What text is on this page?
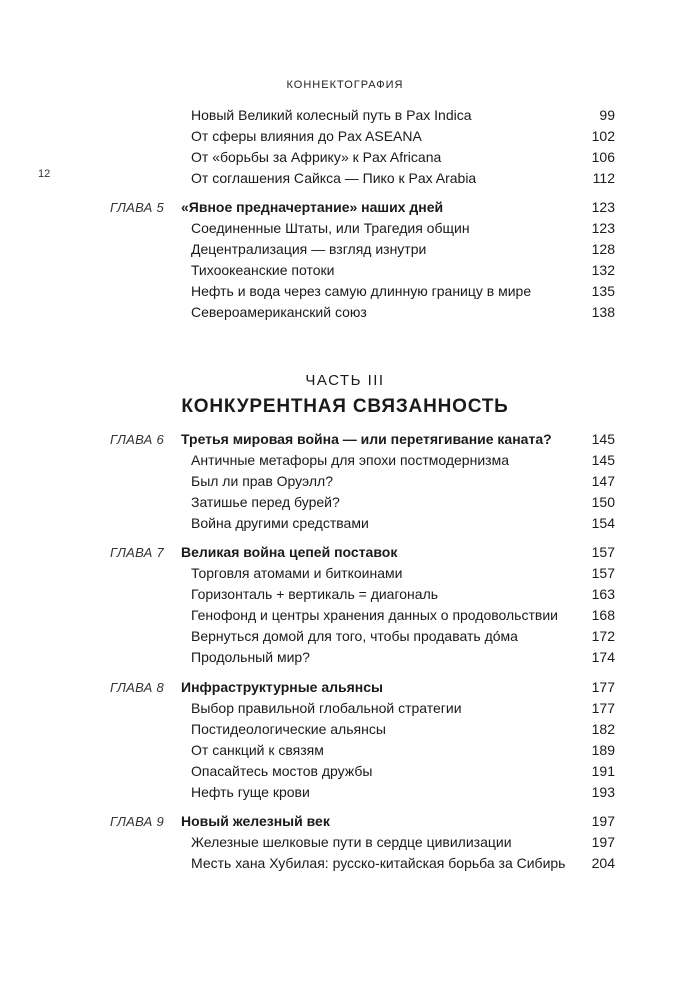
КОННЕКТОГРАФИЯ
12
Новый Великий колесный путь в Pax Indica	99
От сферы влияния до Pax ASEANA	102
От «борьбы за Африку» к Pax Africana	106
От соглашения Сайкса — Пико к Pax Arabia	112
ГЛАВА 5 «Явное предначертание» наших дней	123
Соединенные Штаты, или Трагедия общин	123
Децентрализация — взгляд изнутри	128
Тихоокеанские потоки	132
Нефть и вода через самую длинную границу в мире	135
Североамериканский союз	138
ЧАСТЬ III
КОНКУРЕНТНАЯ СВЯЗАННОСТЬ
ГЛАВА 6 Третья мировая война — или перетягивание каната?	145
Античные метафоры для эпохи постмодернизма	145
Был ли прав Оруэлл?	147
Затишье перед бурей?	150
Война другими средствами	154
ГЛАВА 7 Великая война цепей поставок	157
Торговля атомами и биткоинами	157
Горизонталь + вертикаль = диагональ	163
Генофонд и центры хранения данных о продовольствии 168
Вернуться домой для того, чтобы продавать до́ма	172
Продольный мир?	174
ГЛАВА 8 Инфраструктурные альянсы	177
Выбор правильной глобальной стратегии	177
Постидеологические альянсы	182
От санкций к связям	189
Опасайтесь мостов дружбы	191
Нефть гуще крови	193
ГЛАВА 9 Новый железный век	197
Железные шелковые пути в сердце цивилизации	197
Месть хана Хубилая: русско-китайская борьба за Сибирь 204
